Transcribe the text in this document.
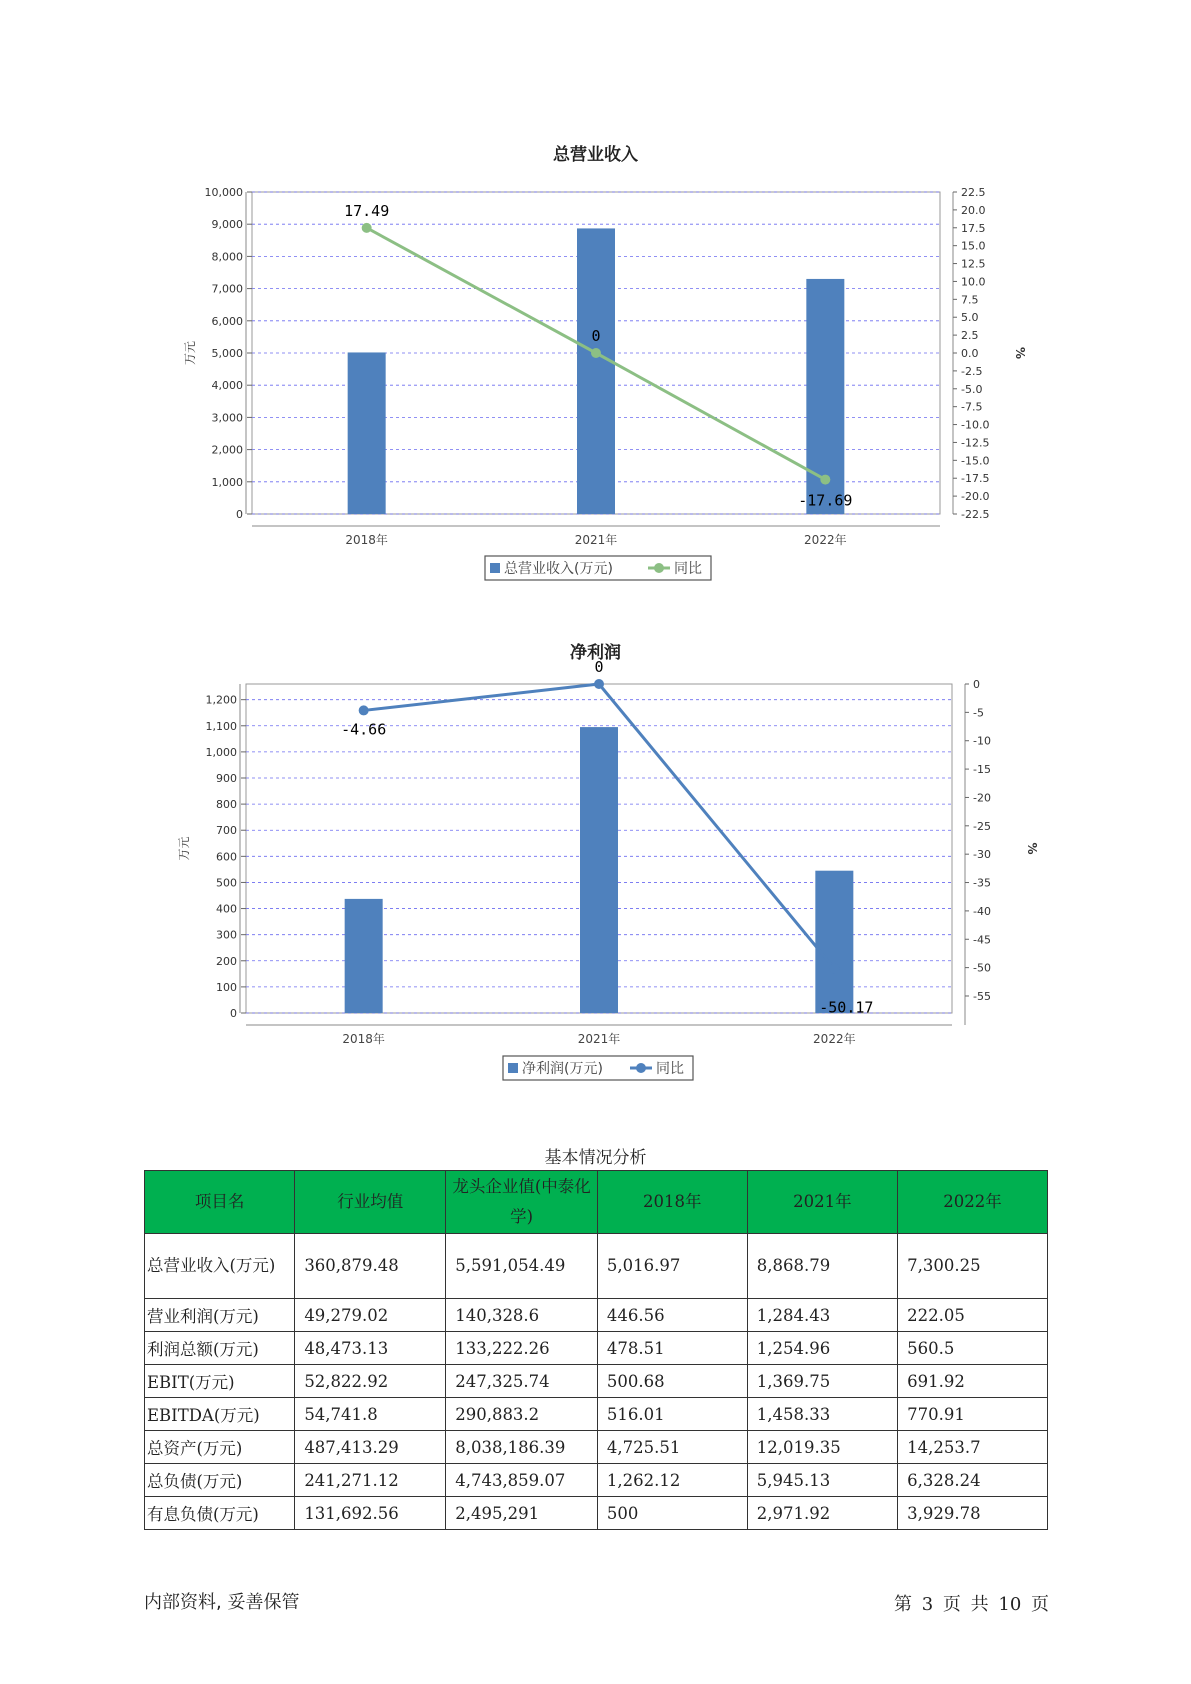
总营业收入
0
1,000
2,000
3,000
4,000
5,000
6,000
7,000
8,000
9,000
10,000	22.5
20.0
17.5
15.0
12.5
10.0
7.5
5.0
2.5
0.0
-2.5
-5.0
-7.5
-10.0
-12.5
-15.0
-17.5
-20.0
-22.5
万元	%
2018年	2021年	2022年
17.49
0
-17.69
总营业收入(万元)	同比
净利润
0
100
200
300
400
500
600
700
800
900
1,000
1,100
1,200
0
-5
-10
-15
-20
-25
-30
-35
-40
-45
-50
-55
万元	%
2018年	2021年	2022年
-4.66
0
-50.17
净利润(万元)	同比
基本情况分析
项目名	行业均值	龙头企业值(中泰化学)	2018年	2021年	2022年
总营业收入(万元)	360,879.48	5,591,054.49	5,016.97	8,868.79	7,300.25
营业利润(万元)	49,279.02	140,328.6	446.56	1,284.43	222.05
利润总额(万元)	48,473.13	133,222.26	478.51	1,254.96	560.5
EBIT(万元)	52,822.92	247,325.74	500.68	1,369.75	691.92
EBITDA(万元)	54,741.8	290,883.2	516.01	1,458.33	770.91
总资产(万元)	487,413.29	8,038,186.39	4,725.51	12,019.35	14,253.7
总负债(万元)	241,271.12	4,743,859.07	1,262.12	5,945.13	6,328.24
有息负债(万元)	131,692.56	2,495,291	500	2,971.92	3,929.78
内部资料, 妥善保管	第 3 页 共 10 页
